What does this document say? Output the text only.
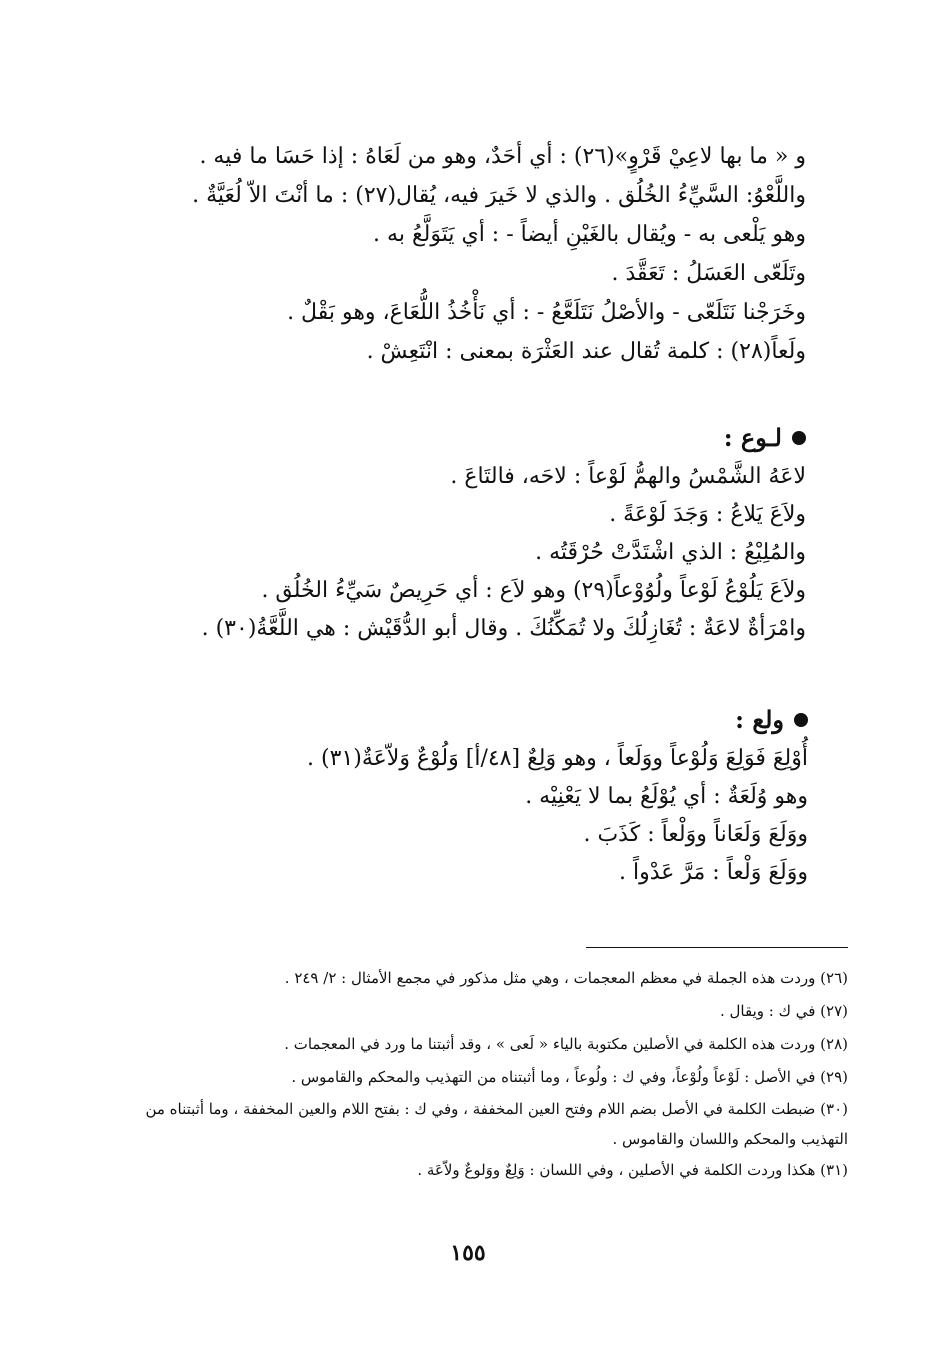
و « ما بها لاعِيْ قَرْوٍ»(٢٦) : أي أحَدٌ، وهو من لَعَاهُ : إذا حَسَا ما فيه .
واللَّعْوُ: السَّيِّءُ الخُلُق . والذي لا خَيرَ فيه، يُقال(٢٧) : ما أنْتَ الاّ لُعَيَّةٌ .
وهو يَلْعى به - ويُقال بالغَيْنِ أيضاً - : أي يَتَوَلَّعُ به .
وتَلَعّى العَسَلُ : تَعَقَّدَ .
وخَرَجْنا نَتَلَعّى - والأصْلُ نَتَلَعَّعُ - : أي نَأْخُذُ اللُّعَاعَ، وهو بَقْلٌ .
ولَعاً(٢٨) : كلمة تُقال عند العَثْرَة بمعنى : انْتَعِشْ .
لـوع :
لاعَهُ الشَّمْسُ والهمُّ لَوْعاً : لاحَه، فالتَاعَ .
ولاَعَ يَلاعُ : وَجَدَ لَوْعَةً .
والمُلِيْعُ : الذي اشْتَدَّتْ حُرْقَتُه .
ولاَعَ يَلُوْعُ لَوْعاً ولُوُوْعاً(٢٩) وهو لاَع : أي حَرِيصٌ سَيِّءُ الخُلُق .
وامْرَأةٌ لاعَةٌ : تُغَازِلُكَ ولا تُمَكِّنُكَ . وقال أبو الدُّقَيْش : هي اللَّعَّةُ(٣٠) .
ولع :
أُوْلِعَ فَوَلِعَ وَلُوْعاً ووَلَعاً ، وهو وَلِعٌ [٤٨/أ] وَلُوْعٌ وَلاّعَةٌ(٣١) .
وهو وُلَعَةٌ : أي يُوْلَعُ بما لا يَعْنِيْه .
ووَلَعَ وَلَعَاناً ووَلْعاً : كَذَبَ .
ووَلَعَ وَلْعاً : مَرَّ عَدْواً .
(٢٦) وردت هذه الجملة في معظم المعجمات ، وهي مثل مذكور في مجمع الأمثال : ٢/ ٢٤٩ .
(٢٧) في ك : ويقال .
(٢٨) وردت هذه الكلمة في الأصلين مكتوبة بالياء « لَعى » ، وقد أثبتنا ما ورد في المعجمات .
(٢٩) في الأصل : لَوْعاً ولُوْعاً، وفي ك : ولُوعاً ، وما أثبتناه من التهذيب والمحكم والقاموس .
(٣٠) ضبطت الكلمة في الأصل بضم اللام وفتح العين المخففة ، وفي ك : بفتح اللام والعين المخففة ، وما أثبتناه من التهذيب والمحكم واللسان والقاموس .
(٣١) هكذا وردت الكلمة في الأصلين ، وفي اللسان : وَلِعٌ ووَلوعٌ ولاّعَة .
١٥٥
